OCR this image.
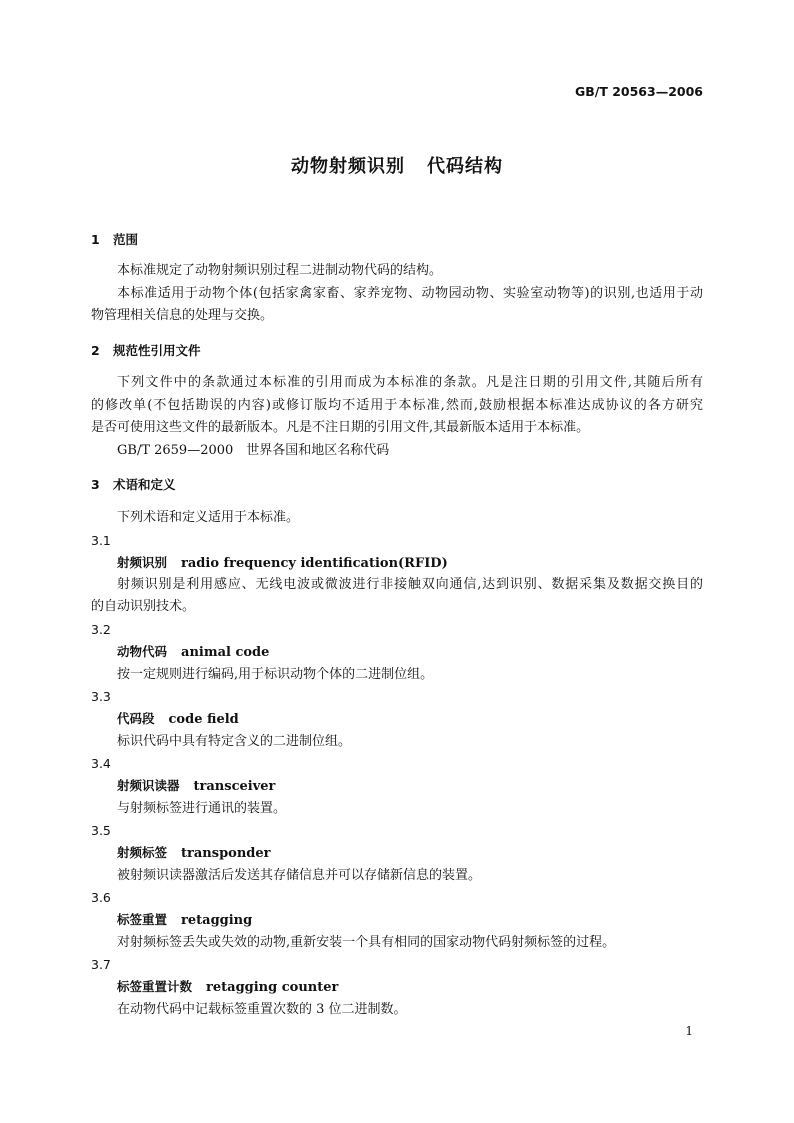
GB/T 20563—2006
动物射频识别 代码结构
1 范围
本标准规定了动物射频识别过程二进制动物代码的结构。
本标准适用于动物个体(包括家禽家畜、家养宠物、动物园动物、实验室动物等)的识别,也适用于动
物管理相关信息的处理与交换。
2 规范性引用文件
下列文件中的条款通过本标准的引用而成为本标准的条款。凡是注日期的引用文件,其随后所有
的修改单(不包括勘误的内容)或修订版均不适用于本标准,然而,鼓励根据本标准达成协议的各方研究
是否可使用这些文件的最新版本。凡是不注日期的引用文件,其最新版本适用于本标准。
GB/T 2659—2000　世界各国和地区名称代码
3 术语和定义
下列术语和定义适用于本标准。
3.1
射频识别 radio frequency identification(RFID)
射频识别是利用感应、无线电波或微波进行非接触双向通信,达到识别、数据采集及数据交换目的
的自动识别技术。
3.2
动物代码 animal code
按一定规则进行编码,用于标识动物个体的二进制位组。
3.3
代码段 code field
标识代码中具有特定含义的二进制位组。
3.4
射频识读器 transceiver
与射频标签进行通讯的装置。
3.5
射频标签 transponder
被射频识读器激活后发送其存储信息并可以存储新信息的装置。
3.6
标签重置 retagging
对射频标签丢失或失效的动物,重新安装一个具有相同的国家动物代码射频标签的过程。
3.7
标签重置计数 retagging counter
在动物代码中记载标签重置次数的 3 位二进制数。
1
